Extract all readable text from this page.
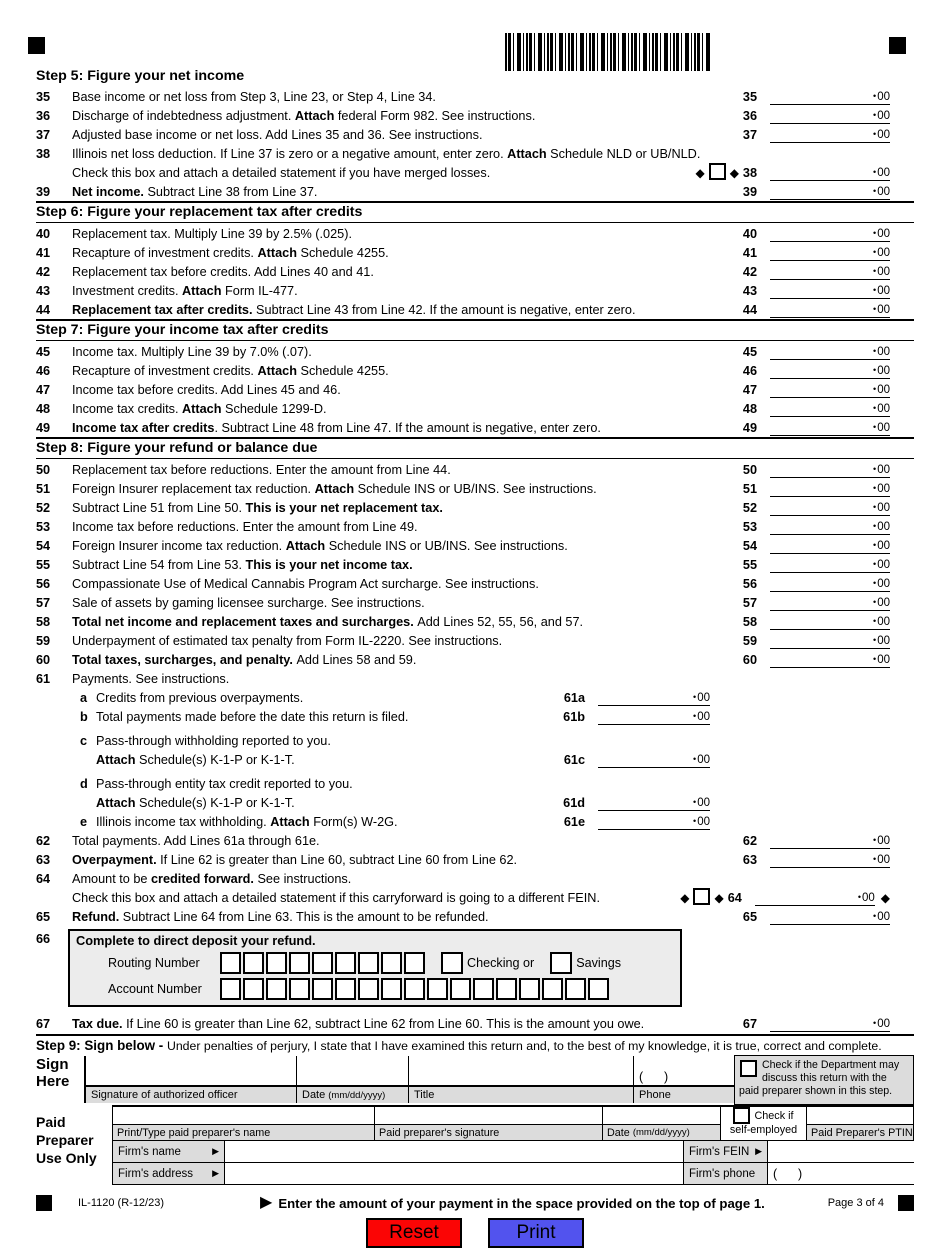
Step 5: Figure your net income
35	Base income or net loss from Step 3, Line 23, or Step 4, Line 34.	35	• 00
36	Discharge of indebtedness adjustment. Attach federal Form 982. See instructions.	36	• 00
37	Adjusted base income or net loss. Add Lines 35 and 36. See instructions.	37	• 00
38	Illinois net loss deduction. If Line 37 is zero or a negative amount, enter zero. Attach Schedule NLD or UB/NLD.
Check this box and attach a detailed statement if you have merged losses.	◆ ◆ 38	• 00
39	Net income. Subtract Line 38 from Line 37.	39	• 00
Step 6: Figure your replacement tax after credits
40	Replacement tax. Multiply Line 39 by 2.5% (.025).	40	• 00
41	Recapture of investment credits. Attach Schedule 4255.	41	• 00
42	Replacement tax before credits. Add Lines 40 and 41.	42	• 00
43	Investment credits. Attach Form IL-477.	43	• 00
44	Replacement tax after credits. Subtract Line 43 from Line 42. If the amount is negative, enter zero.	44	• 00
Step 7: Figure your income tax after credits
45	Income tax. Multiply Line 39 by 7.0% (.07).	45	• 00
46	Recapture of investment credits. Attach Schedule 4255.	46	• 00
47	Income tax before credits. Add Lines 45 and 46.	47	• 00
48	Income tax credits. Attach Schedule 1299-D.	48	• 00
49	Income tax after credits. Subtract Line 48 from Line 47. If the amount is negative, enter zero.	49	• 00
Step 8: Figure your refund or balance due
50	Replacement tax before reductions. Enter the amount from Line 44.	50	• 00
51	Foreign Insurer replacement tax reduction. Attach Schedule INS or UB/INS. See instructions.	51	• 00
52	Subtract Line 51 from Line 50. This is your net replacement tax.	52	• 00
53	Income tax before reductions. Enter the amount from Line 49.	53	• 00
54	Foreign Insurer income tax reduction. Attach Schedule INS or UB/INS. See instructions.	54	• 00
55	Subtract Line 54 from Line 53. This is your net income tax.	55	• 00
56	Compassionate Use of Medical Cannabis Program Act surcharge. See instructions.	56	• 00
57	Sale of assets by gaming licensee surcharge. See instructions.	57	• 00
58	Total net income and replacement taxes and surcharges. Add Lines 52, 55, 56, and 57.	58	• 00
59	Underpayment of estimated tax penalty from Form IL-2220. See instructions.	59	• 00
60	Total taxes, surcharges, and penalty. Add Lines 58 and 59.	60	• 00
61	Payments. See instructions.
a Credits from previous overpayments.	61a	• 00
b Total payments made before the date this return is filed.	61b	• 00
c Pass-through withholding reported to you.
Attach Schedule(s) K-1-P or K-1-T.	61c	• 00
d Pass-through entity tax credit reported to you.
Attach Schedule(s) K-1-P or K-1-T.	61d	• 00
e Illinois income tax withholding. Attach Form(s) W-2G.	61e	• 00
62	Total payments. Add Lines 61a through 61e.	62	• 00
63	Overpayment. If Line 62 is greater than Line 60, subtract Line 60 from Line 62.	63	• 00
64	Amount to be credited forward. See instructions.
Check this box and attach a detailed statement if this carryforward is going to a different FEIN.	◆ ◆ 64	• 00 ◆
65	Refund. Subtract Line 64 from Line 63. This is the amount to be refunded.	65	• 00
66	Complete to direct deposit your refund.
Routing Number	Checking or	Savings
Account Number
67	Tax due. If Line 60 is greater than Line 62, subtract Line 62 from Line 60. This is the amount you owe.	67	• 00
Step 9: Sign below - Under penalties of perjury, I state that I have examined this return and, to the best of my knowledge, it is true, correct and complete.
Sign
Here	(      )
Signature of authorized officer	Date (mm/dd/yyyy)	Title	Phone
Check if the Department may discuss this return with the paid preparer shown in this step.
Paid
Preparer
Use Only
Print/Type paid preparer's name	Paid preparer's signature	Date (mm/dd/yyyy)
Check if
self-employed	Paid Preparer's PTIN
Firm's name	▶	Firm's FEIN ▶
Firm's address ▶	Firm's phone (      )
IL-1120 (R-12/23)	▶ Enter the amount of your payment in the space provided on the top of page 1.	Page 3 of 4
Reset	Print
